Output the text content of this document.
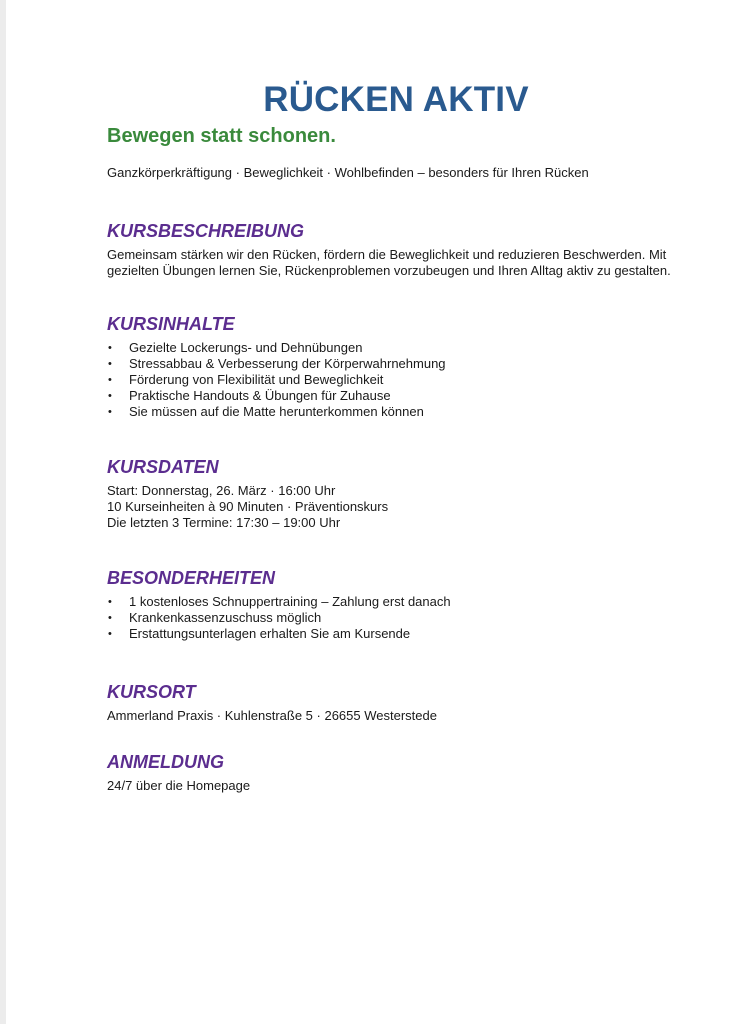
RÜCKEN AKTIV
Bewegen statt schonen.
Ganzkörperkräftigung · Beweglichkeit · Wohlbefinden – besonders für Ihren Rücken
KURSBESCHREIBUNG

Gemeinsam stärken wir den Rücken, fördern die Beweglichkeit und reduzieren Beschwerden. Mit gezielten Übungen lernen Sie, Rückenproblemen vorzubeugen und Ihren Alltag aktiv zu gestalten.

KURSINHALTE
• Gezielte Lockerungs- und Dehnübungen
• Stressabbau & Verbesserung der Körperwahrnehmung
• Förderung von Flexibilität und Beweglichkeit
• Praktische Handouts & Übungen für Zuhause
• Sie müssen auf die Matte herunterkommen können
KURSDATEN

Start: Donnerstag, 26. März · 16:00 Uhr

10 Kurseinheiten à 90 Minuten · Präventionskurs

Die letzten 3 Termine: 17:30 – 19:00 Uhr

BESONDERHEITEN
• 1 kostenloses Schnuppertraining – Zahlung erst danach
• Krankenkassenzuschuss möglich
• Erstattungsunterlagen erhalten Sie am Kursende
KURSORT

Ammerland Praxis · Kuhlenstraße 5 · 26655 Westerstede

ANMELDUNG

24/7 über die Homepage
